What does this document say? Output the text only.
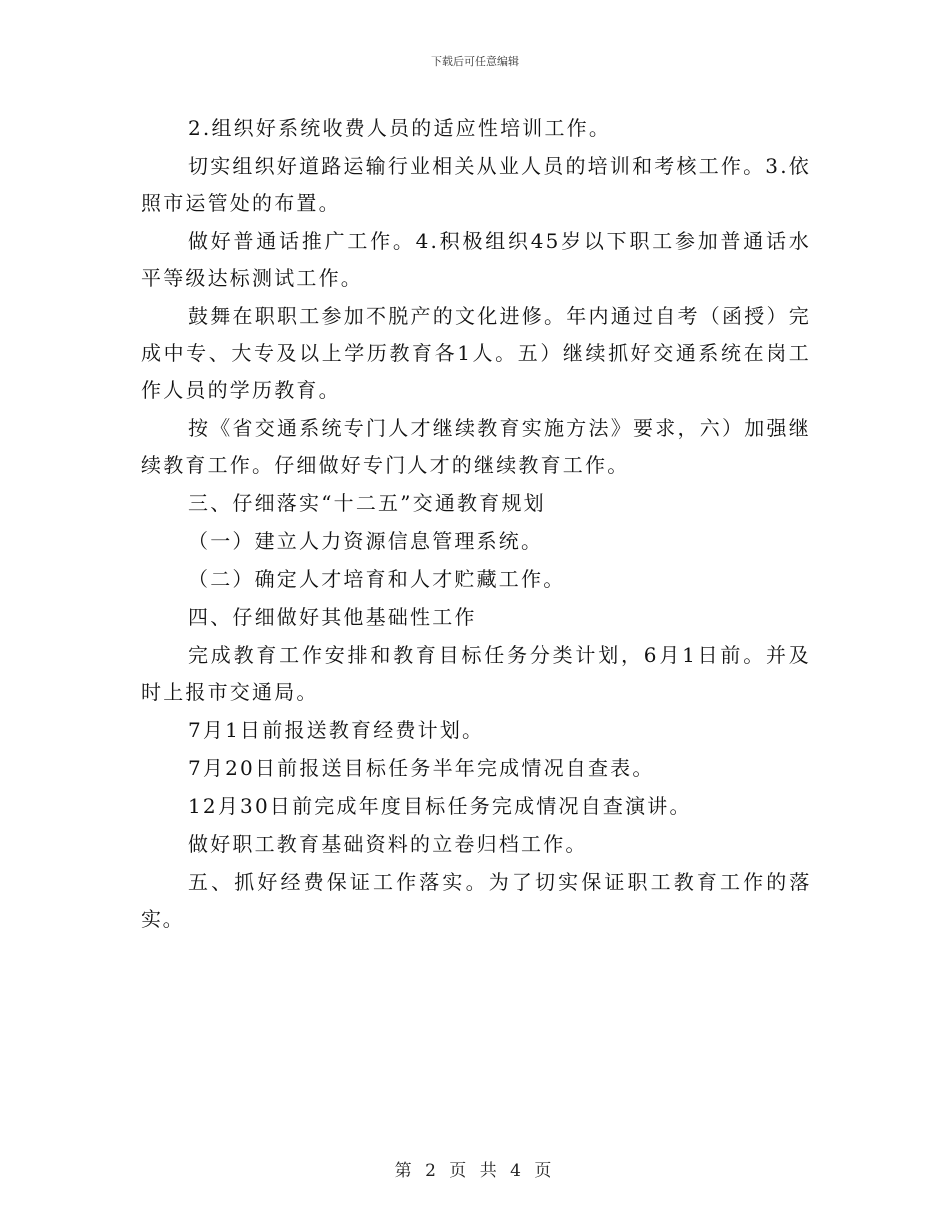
下载后可任意编辑

2.组织好系统收费人员的适应性培训工作。

切实组织好道路运输行业相关从业人员的培训和考核工作。3.依照市运管处的布置。

做好普通话推广工作。4.积极组织45岁以下职工参加普通话水平等级达标测试工作。

鼓舞在职职工参加不脱产的文化进修。年内通过自考（函授）完成中专、大专及以上学历教育各1人。五）继续抓好交通系统在岗工作人员的学历教育。

按《省交通系统专门人才继续教育实施方法》要求，六）加强继续教育工作。仔细做好专门人才的继续教育工作。

三、仔细落实“十二五”交通教育规划

（一）建立人力资源信息管理系统。

（二）确定人才培育和人才贮藏工作。

四、仔细做好其他基础性工作

完成教育工作安排和教育目标任务分类计划，6月1日前。并及时上报市交通局。

7月1日前报送教育经费计划。

7月20日前报送目标任务半年完成情况自查表。

12月30日前完成年度目标任务完成情况自查演讲。

做好职工教育基础资料的立卷归档工作。

五、抓好经费保证工作落实。为了切实保证职工教育工作的落实。

第 2 页 共 4 页
